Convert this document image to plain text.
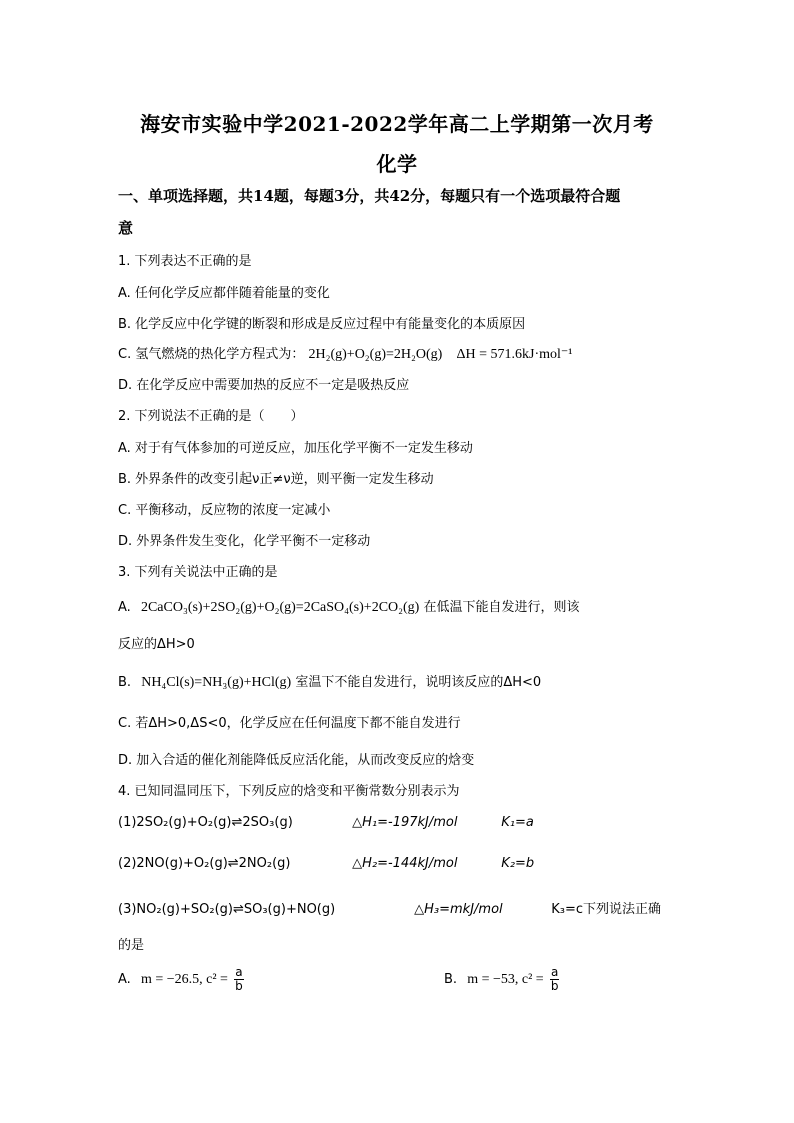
海安市实验中学2021-2022学年高二上学期第一次月考
化学
一、单项选择题，共14题，每题3分，共42分，每题只有一个选项最符合题
意
1. 下列表达不正确的是
A. 任何化学反应都伴随着能量的变化
B. 化学反应中化学键的断裂和形成是反应过程中有能量变化的本质原因
C. 氢气燃烧的热化学方程式为： 2H₂(g)+O₂(g)=2H₂O(g) ΔH = 571.6kJ·mol⁻¹
D. 在化学反应中需要加热的反应不一定是吸热反应
2. 下列说法不正确的是（　　）
A. 对于有气体参加的可逆反应，加压化学平衡不一定发生移动
B. 外界条件的改变引起ν正≠ν逆，则平衡一定发生移动
C. 平衡移动，反应物的浓度一定减小
D. 外界条件发生变化，化学平衡不一定移动
3. 下列有关说法中正确的是
A. 2CaCO₃(s)+2SO₂(g)+O₂(g)=2CaSO₄(s)+2CO₂(g) 在低温下能自发进行，则该
反应的ΔH>0
B. NH₄Cl(s)=NH₃(g)+HCl(g) 室温下不能自发进行，说明该反应的ΔH<0
C. 若ΔH>0,ΔS<0，化学反应在任何温度下都不能自发进行
D. 加入合适的催化剂能降低反应活化能，从而改变反应的焓变
4. 已知同温同压下，下列反应的焓变和平衡常数分别表示为
(1)2SO₂(g)+O₂(g)⇌2SO₃(g)	△H₁=-197kJ/mol	K₁=a
(2)2NO(g)+O₂(g)⇌2NO₂(g)	△H₂=-144kJ/mol	K₂=b
(3)NO₂(g)+SO₂(g)⇌SO₃(g)+NO(g)	△H₃=mkJ/mol	K₃=c下列说法正确
的是
A. m = −26.5, $c^2 = \frac{a}{b}$	B. m = −53, $c^2 = \frac{a}{b}$
